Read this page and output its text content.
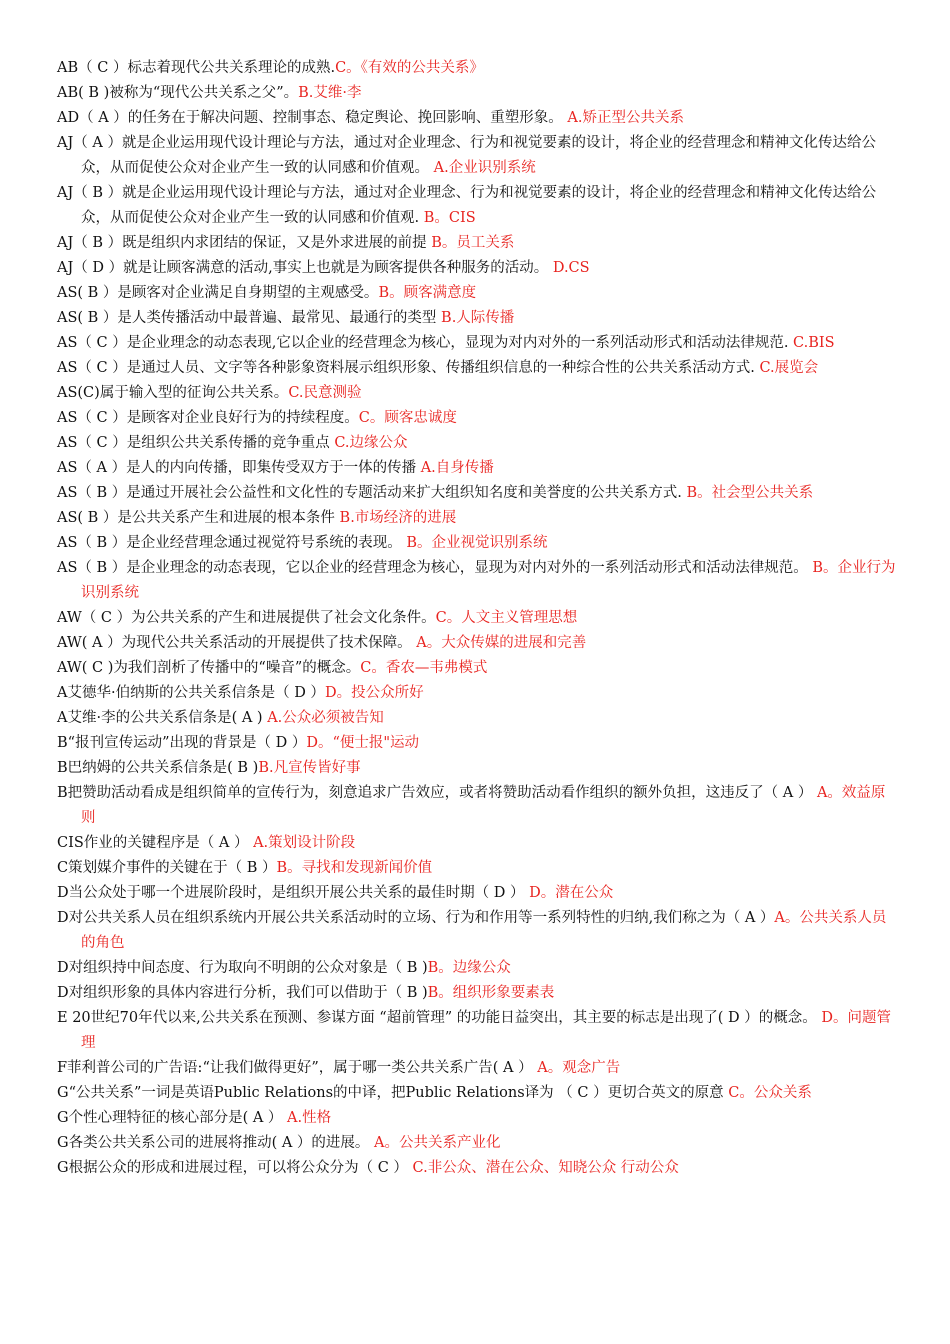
AB（ C ）标志着现代公共关系理论的成熟.C。《有效的公共关系》

AB( B )被称为“现代公共关系之父”。B.艾维·李

AD（ A ）的任务在于解决问题、控制事态、稳定舆论、挽回影响、重塑形象。 A.矫正型公共关系

AJ（ A ）就是企业运用现代设计理论与方法，通过对企业理念、行为和视觉要素的设计，将企业的经营理念和精神文化传达给公众，从而促使公众对企业产生一致的认同感和价值观。 A.企业识别系统

AJ（ B ）就是企业运用现代设计理论与方法，通过对企业理念、行为和视觉要素的设计，将企业的经营理念和精神文化传达给公众，从而促使公众对企业产生一致的认同感和价值观. B。CIS

AJ（ B ）既是组织内求团结的保证，又是外求进展的前提 B。员工关系

AJ（ D ）就是让顾客满意的活动,事实上也就是为顾客提供各种服务的活动。 D.CS

AS( B ）是顾客对企业满足自身期望的主观感受。B。顾客满意度

AS( B ）是人类传播活动中最普遍、最常见、最通行的类型 B.人际传播

AS（ C ）是企业理念的动态表现,它以企业的经营理念为核心，显现为对内对外的一系列活动形式和活动法律规范. C.BIS

AS（ C ）是通过人员、文字等各种影象资料展示组织形象、传播组织信息的一种综合性的公共关系活动方式. C.展览会

AS(C)属于输入型的征询公共关系。C.民意测验

AS（ C ）是顾客对企业良好行为的持续程度。C。顾客忠诚度

AS（ C ）是组织公共关系传播的竞争重点 C.边缘公众

AS（ A ）是人的内向传播，即集传受双方于一体的传播 A.自身传播

AS（ B ）是通过开展社会公益性和文化性的专题活动来扩大组织知名度和美誉度的公共关系方式. B。社会型公共关系

AS( B ）是公共关系产生和进展的根本条件 B.市场经济的进展

AS（ B ）是企业经营理念通过视觉符号系统的表现。 B。企业视觉识别系统

AS（ B ）是企业理念的动态表现，它以企业的经营理念为核心，显现为对内对外的一系列活动形式和活动法律规范。 B。企业行为识别系统

AW（ C ）为公共关系的产生和进展提供了社会文化条件。C。人文主义管理思想

AW( A ）为现代公共关系活动的开展提供了技术保障。 A。大众传媒的进展和完善

AW( C )为我们剖析了传播中的“噪音”的概念。C。香农—韦弗模式

A艾德华·伯纳斯的公共关系信条是（ D ）D。投公众所好

A艾维·李的公共关系信条是( A ) A.公众必须被告知

B“报刊宣传运动”出现的背景是（ D ）D。“便士报"运动

B巴纳姆的公共关系信条是( B )B.凡宣传皆好事

B把赞助活动看成是组织简单的宣传行为，刻意追求广告效应，或者将赞助活动看作组织的额外负担，这违反了（ A ） A。效益原则

CIS作业的关键程序是（ A ） A.策划设计阶段

C策划媒介事件的关键在于（ B ）B。寻找和发现新闻价值

D当公众处于哪一个进展阶段时，是组织开展公共关系的最佳时期（ D ） D。潜在公众

D对公共关系人员在组织系统内开展公共关系活动时的立场、行为和作用等一系列特性的归纳,我们称之为（ A ）A。公共关系人员的角色

D对组织持中间态度、行为取向不明朗的公众对象是（ B )B。边缘公众

D对组织形象的具体内容进行分析，我们可以借助于（ B )B。组织形象要素表

E 20世纪70年代以来,公共关系在预测、参谋方面 “超前管理” 的功能日益突出，其主要的标志是出现了( D ）的概念。 D。问题管理

F菲利普公司的广告语:“让我们做得更好”，属于哪一类公共关系广告( A ） A。观念广告

G“公共关系”一词是英语Public Relations的中译，把Public Relations译为 （ C ）更切合英文的原意 C。公众关系

G个性心理特征的核心部分是( A ） A.性格

G各类公共关系公司的进展将推动( A ）的进展。 A。公共关系产业化

G根据公众的形成和进展过程，可以将公众分为（ C ） C.非公众、潜在公众、知晓公众 行动公众
